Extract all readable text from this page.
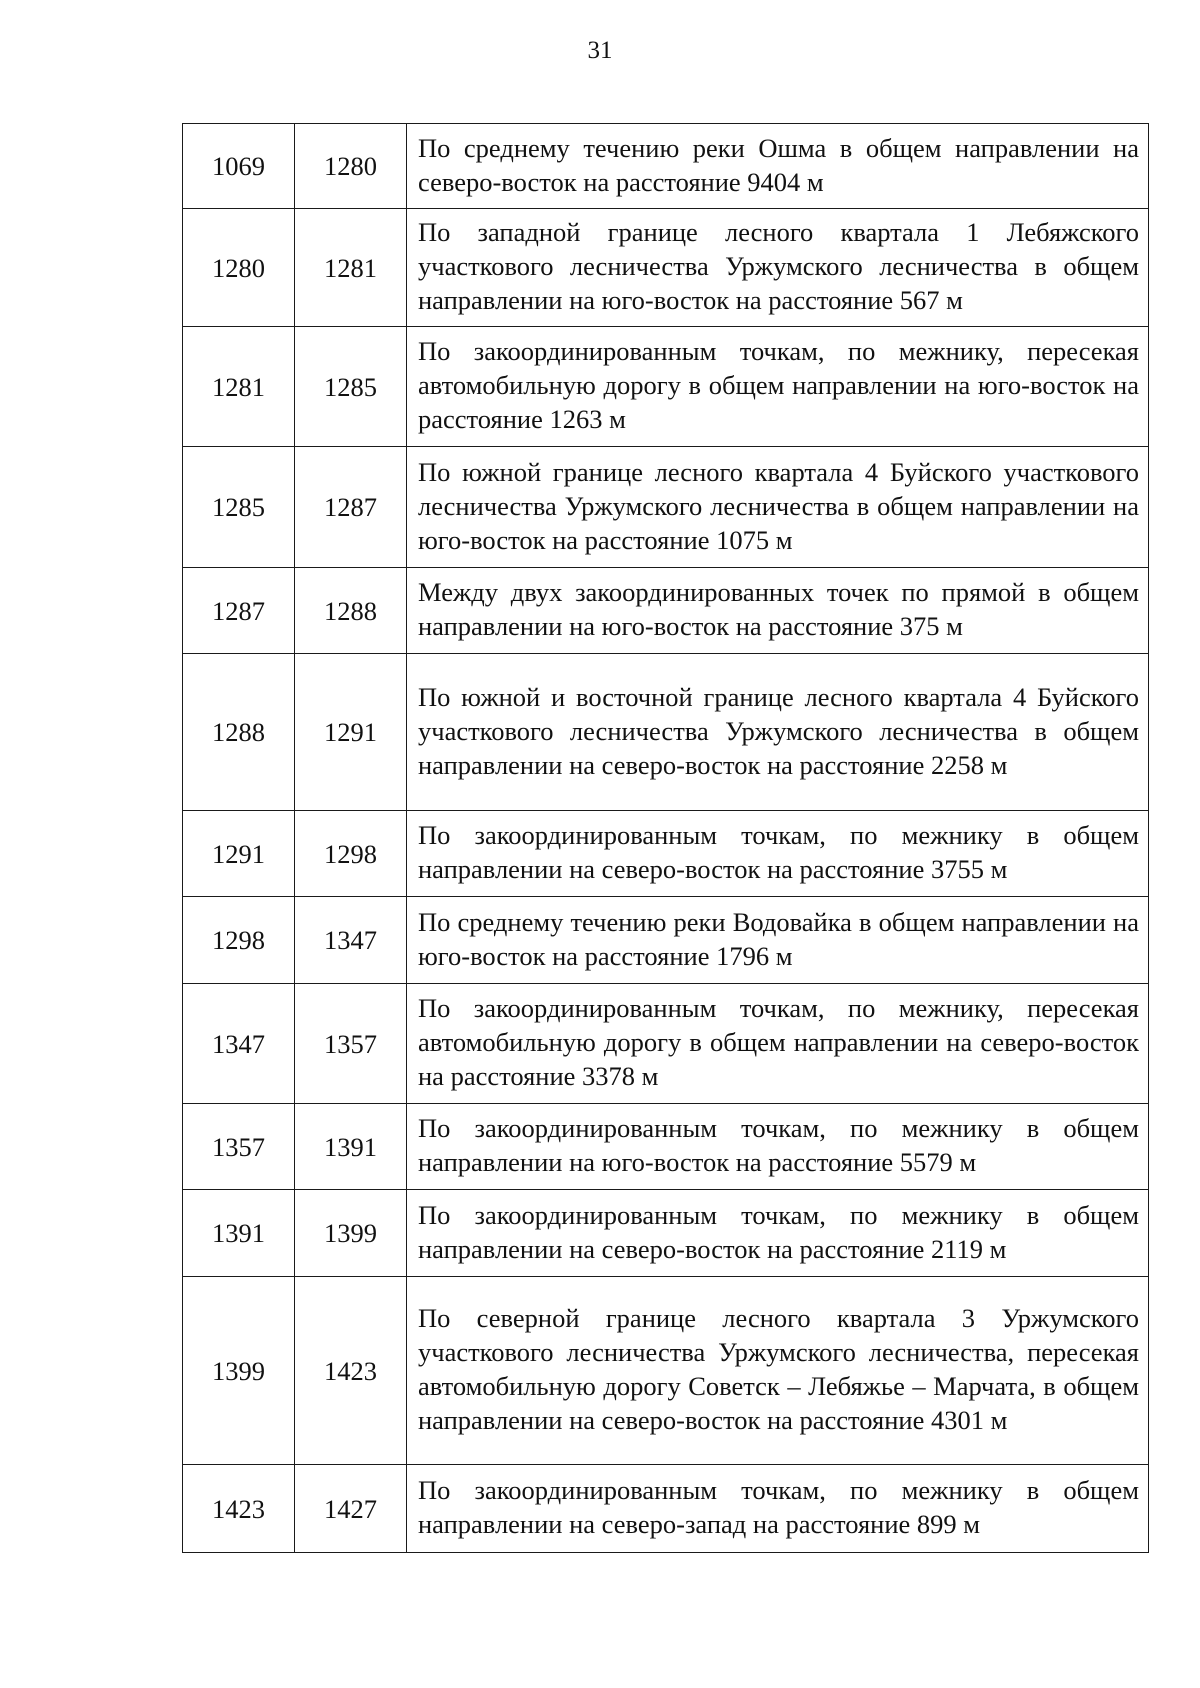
31
1069	1280	По среднему течению реки Ошма в общем направлении на северо-восток на расстояние 9404 м
1280	1281	По западной границе лесного квартала 1 Лебяжского участкового лесничества Уржумского лесничества в общем направлении на юго-восток на расстояние 567 м
1281	1285	По закоординированным точкам, по межнику, пересекая автомобильную дорогу в общем направлении на юго-восток на расстояние 1263 м
1285	1287	По южной границе лесного квартала 4 Буйского участкового лесничества Уржумского лесничества в общем направлении на юго-восток на расстояние 1075 м
1287	1288	Между двух закоординированных точек по прямой в общем направлении на юго-восток на расстояние 375 м
1288	1291	По южной и восточной границе лесного квартала 4 Буйского участкового лесничества Уржумского лесничества в общем направлении на северо-восток на расстояние 2258 м
1291	1298	По закоординированным точкам, по межнику в общем направлении на северо-восток на расстояние 3755 м
1298	1347	По среднему течению реки Водовайка в общем направлении на юго-восток на расстояние 1796 м
1347	1357	По закоординированным точкам, по межнику, пересекая автомобильную дорогу в общем направлении на северо-восток на расстояние 3378 м
1357	1391	По закоординированным точкам, по межнику в общем направлении на юго-восток на расстояние 5579 м
1391	1399	По закоординированным точкам, по межнику в общем направлении на северо-восток на расстояние 2119 м
1399	1423	По северной границе лесного квартала 3 Уржумского участкового лесничества Уржумского лесничества, пересекая автомобильную дорогу Советск – Лебяжье – Марчата, в общем направлении на северо-восток на расстояние 4301 м
1423	1427	По закоординированным точкам, по межнику в общем направлении на северо-запад на расстояние 899 м
